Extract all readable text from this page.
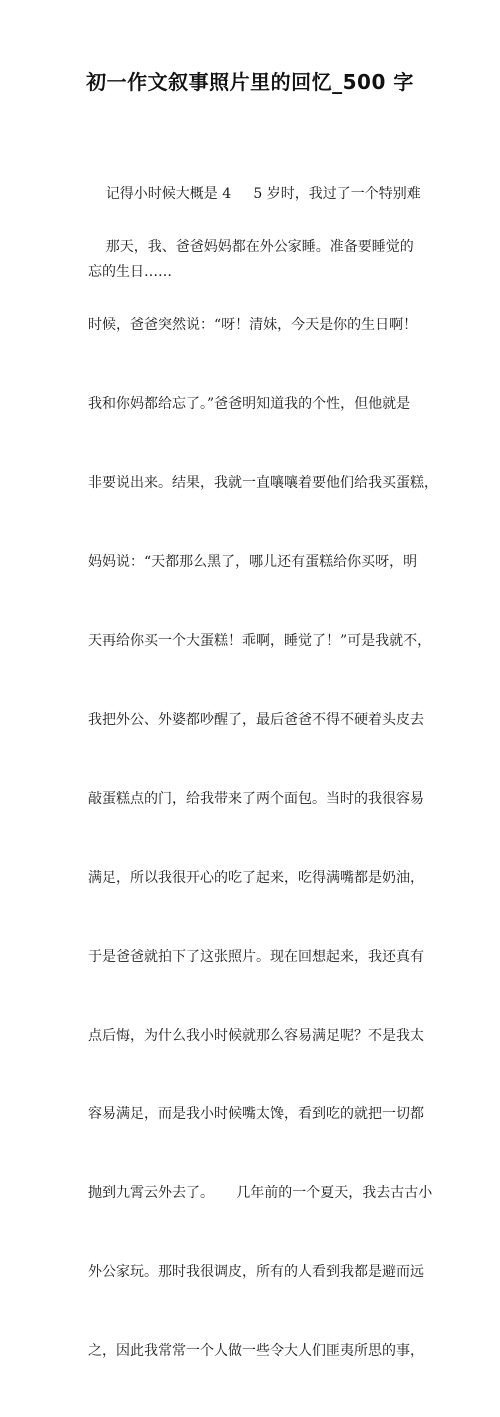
初一作文叙事照片里的回忆_500 字

记得小时候大概是 4     5 岁时，我过了一个特别难

忘的生日……

那天，我、爸爸妈妈都在外公家睡。准备要睡觉的

时候，爸爸突然说：“呀！清妹，今天是你的生日啊！

我和你妈都给忘了。”爸爸明知道我的个性，但他就是

非要说出来。结果，我就一直嚷嚷着要他们给我买蛋糕，

妈妈说：“天都那么黑了，哪儿还有蛋糕给你买呀，明

天再给你买一个大蛋糕！乖啊，睡觉了！”可是我就不，

我把外公、外婆都吵醒了，最后爸爸不得不硬着头皮去

敲蛋糕点的门，给我带来了两个面包。当时的我很容易

满足，所以我很开心的吃了起来，吃得满嘴都是奶油，

于是爸爸就拍下了这张照片。现在回想起来，我还真有

点后悔，为什么我小时候就那么容易满足呢？不是我太

容易满足，而是我小时候嘴太馋，看到吃的就把一切都

抛到九霄云外去了。     几年前的一个夏天，我去古古小

外公家玩。那时我很调皮，所有的人看到我都是避而远

之，因此我常常一个人做一些令大人们匪夷所思的事，
